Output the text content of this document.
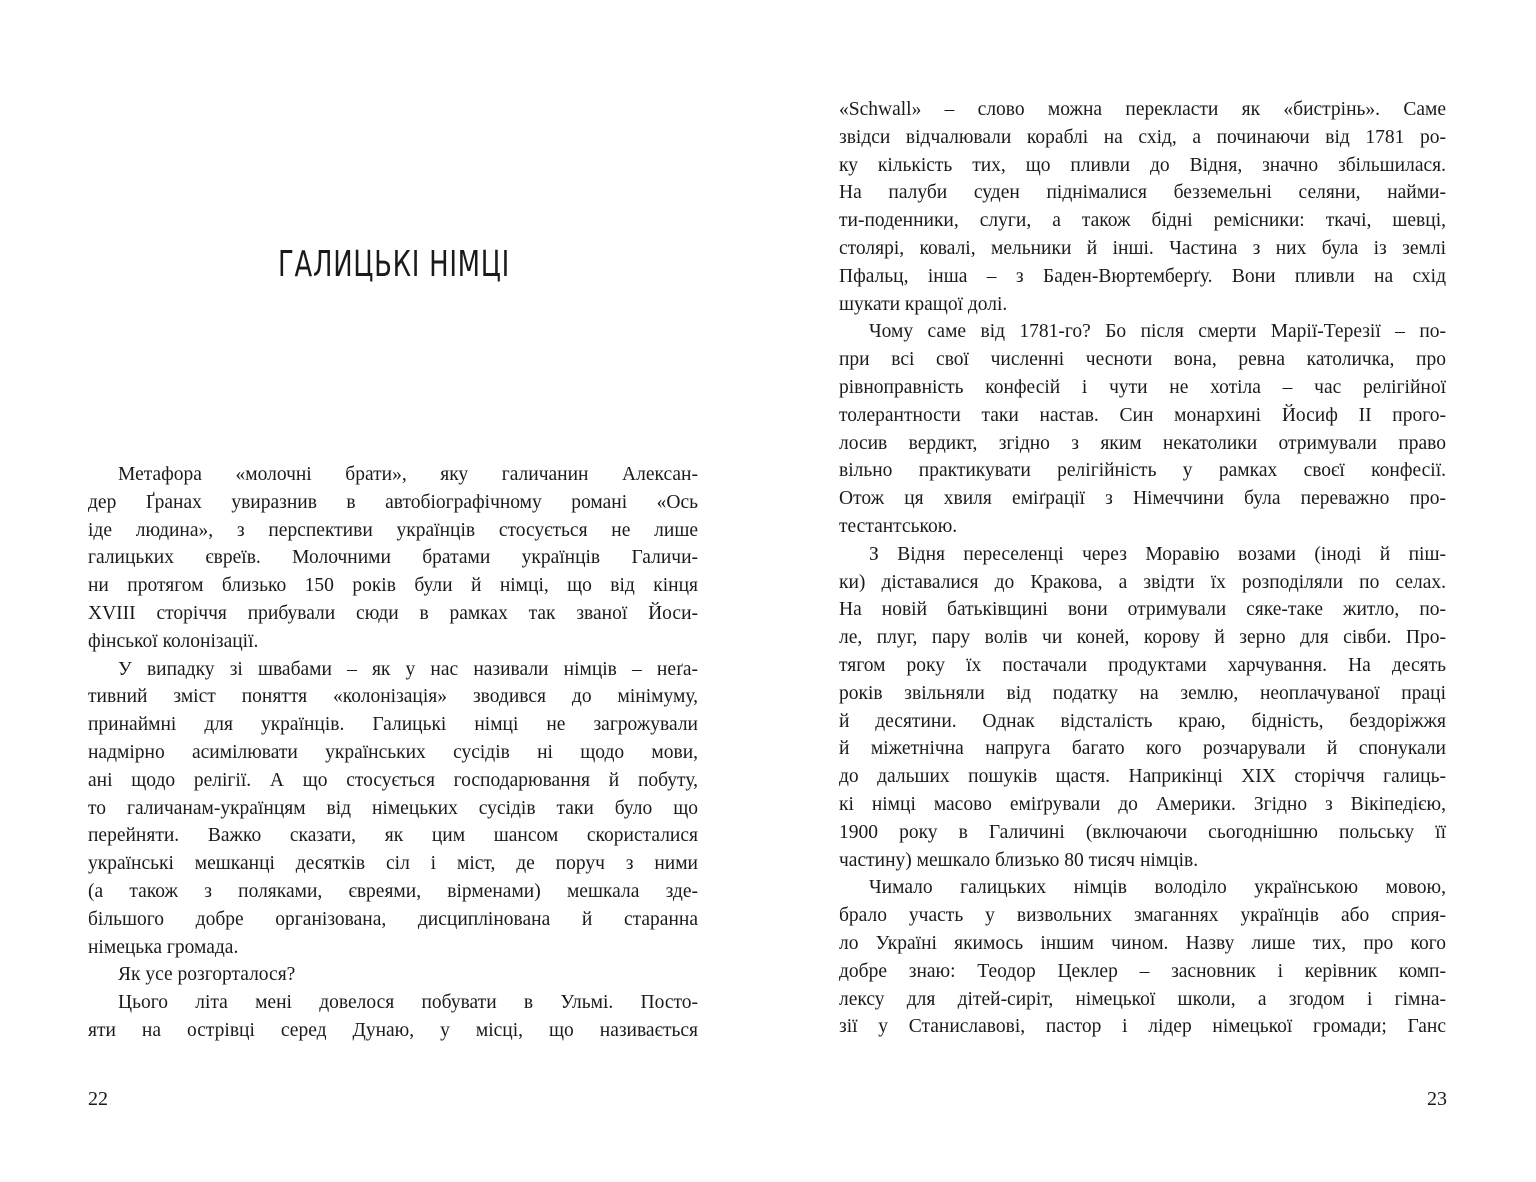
ГАЛИЦЬКІ НІМЦІ
Метафора «молочні брати», яку галичанин Алексан-
дер Ґранах увиразнив в автобіографічному романі «Ось
іде людина», з перспективи українців стосується не лише
галицьких євреїв. Молочними братами українців Галичи-
ни протягом близько 150 років були й німці, що від кінця
XVIII сторіччя прибували сюди в рамках так званої Йоси-
фінської колонізації.
У випадку зі швабами – як у нас називали німців – неґа-
тивний зміст поняття «колонізація» зводився до мінімуму,
принаймні для українців. Галицькі німці не загрожували
надмірно асимілювати українських сусідів ні щодо мови,
ані щодо релігії. А що стосується господарювання й побуту,
то галичанам-українцям від німецьких сусідів таки було що
перейняти. Важко сказати, як цим шансом скористалися
українські мешканці десятків сіл і міст, де поруч з ними
(а також з поляками, євреями, вірменами) мешкала зде-
більшого добре організована, дисциплінована й старанна
німецька громада.
Як усе розгорталося?
Цього літа мені довелося побувати в Ульмі. Посто-
яти на острівці серед Дунаю, у місці, що називається
22
«Schwall» – слово можна перекласти як «бистрінь». Саме
звідси відчалювали кораблі на схід, а починаючи від 1781 ро-
ку кількість тих, що пливли до Відня, значно збільшилася.
На палуби суден піднімалися безземельні селяни, найми-
ти-поденники, слуги, а також бідні ремісники: ткачі, шевці,
столярі, ковалі, мельники й інші. Частина з них була із землі
Пфальц, інша – з Баден-Вюртемберґу. Вони пливли на схід
шукати кращої долі.
Чому саме від 1781-го? Бо після смерти Марії-Терезії – по-
при всі свої численні чесноти вона, ревна католичка, про
рівноправність конфесій і чути не хотіла – час релігійної
толерантности таки настав. Син монархині Йосиф II прого-
лосив вердикт, згідно з яким некатолики отримували право
вільно практикувати релігійність у рамках своєї конфесії.
Отож ця хвиля еміґрації з Німеччини була переважно про-
тестантською.
З Відня переселенці через Моравію возами (іноді й піш-
ки) діставалися до Кракова, а звідти їх розподіляли по селах.
На новій батьківщині вони отримували сяке-таке житло, по-
ле, плуг, пару волів чи коней, корову й зерно для сівби. Про-
тягом року їх постачали продуктами харчування. На десять
років звільняли від податку на землю, неоплачуваної праці
й десятини. Однак відсталість краю, бідність, бездоріжжя
й міжетнічна напруга багато кого розчарували й спонукали
до дальших пошуків щастя. Наприкінці XIX сторіччя галиць-
кі німці масово еміґрували до Америки. Згідно з Вікіпедією,
1900 року в Галичині (включаючи сьогоднішню польську її
частину) мешкало близько 80 тисяч німців.
Чимало галицьких німців володіло українською мовою,
брало участь у визвольних змаганнях українців або сприя-
ло Україні якимось іншим чином. Назву лише тих, про кого
добре знаю: Теодор Цеклер – засновник і керівник комп-
лексу для дітей-сиріт, німецької школи, а згодом і гімна-
зії у Станиславові, пастор і лідер німецької громади; Ганс
23
